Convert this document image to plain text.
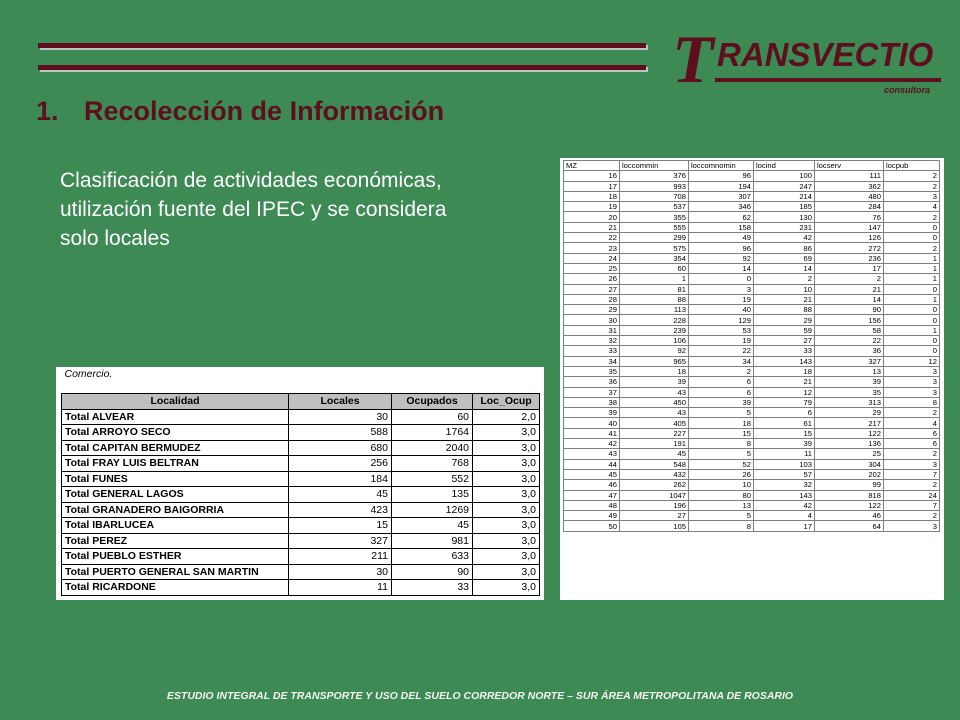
T RANSVECTIO
consultora
1. Recolección de Información
Clasificación de actividades económicas, utilización fuente del IPEC y se considera solo locales
Comercio.			

Localidad	Locales	Ocupados	Loc_Ocup
Total ALVEAR	30	60	2,0
Total ARROYO SECO	588	1764	3,0
Total CAPITAN BERMUDEZ	680	2040	3,0
Total FRAY LUIS BELTRAN	256	768	3,0
Total FUNES	184	552	3,0
Total GENERAL LAGOS	45	135	3,0
Total GRANADERO BAIGORRIA	423	1269	3,0
Total IBARLUCEA	15	45	3,0
Total PEREZ	327	981	3,0
Total PUEBLO ESTHER	211	633	3,0
Total PUERTO GENERAL SAN MARTIN	30	90	3,0
Total RICARDONE	11	33	3,0
MZ	loccommin	loccomnomin	locind	locserv	locpub
16	376	96	100	111	2
17	993	194	247	362	2
18	708	307	214	480	3
19	537	346	185	284	4
20	355	62	130	76	2
21	555	158	231	147	0
22	299	49	42	126	0
23	575	96	86	272	2
24	354	92	69	236	1
25	60	14	14	17	1
26	1	0	2	2	1
27	81	3	10	21	0
28	88	19	21	14	1
29	113	40	88	90	0
30	228	129	29	156	0
31	239	53	59	58	1
32	106	19	27	22	0
33	92	22	33	36	0
34	965	34	143	327	12
35	18	2	18	13	3
36	39	6	21	39	3
37	43	6	12	35	3
38	450	39	79	313	8
39	43	5	6	29	2
40	405	18	61	217	4
41	227	15	15	122	6
42	191	8	39	136	6
43	45	5	11	25	2
44	548	52	103	304	3
45	432	26	57	202	7
46	262	10	32	99	2
47	1047	80	143	818	24
48	196	13	42	122	7
49	27	5	4	46	2
50	105	8	17	64	3
ESTUDIO INTEGRAL DE TRANSPORTE Y USO DEL SUELO CORREDOR NORTE – SUR ÁREA METROPOLITANA DE ROSARIO
